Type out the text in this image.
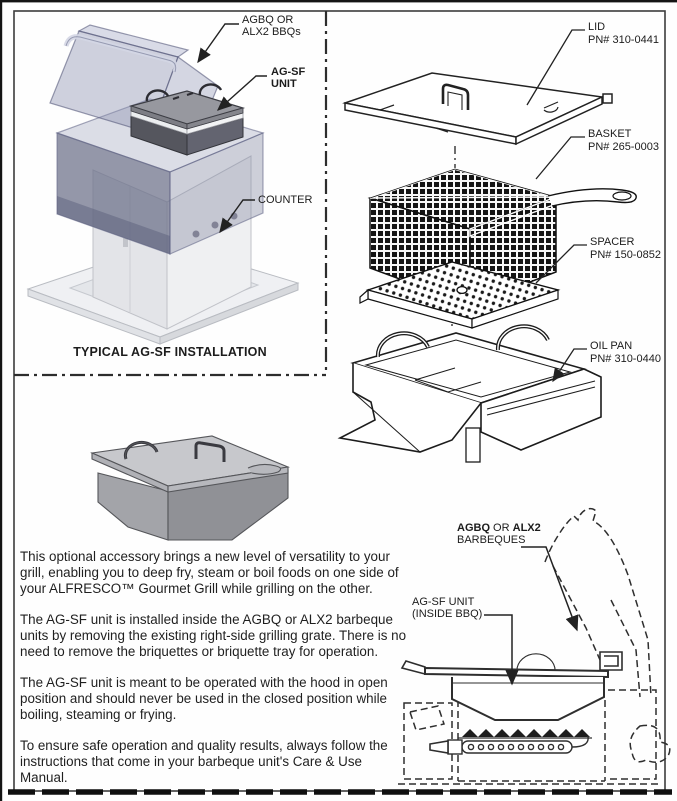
AGBQ OR
ALX2 BBQs
AG-SF
UNIT
COUNTER
TYPICAL AG-SF INSTALLATION
LID
PN# 310-0441
BASKET
PN# 265-0003
SPACER
PN# 150-0852
OIL PAN
PN# 310-0440

This optional accessory brings a new level of versatility to your grill, enabling you to deep fry, steam or boil foods on one side of your ALFRESCO™ Gourmet Grill while grilling on the other.

The AG-SF unit is installed inside the AGBQ or ALX2 barbeque units by removing the existing right-side grilling grate. There is no need to remove the briquettes or briquette tray for operation.

The AG-SF unit is meant to be operated with the hood in open position and should never be used in the closed position while boiling, steaming or frying.

To ensure safe operation and quality results, always follow the instructions that come in your barbeque unit's Care & Use Manual.

AGBQ OR ALX2
BARBEQUES
AG-SF UNIT
(INSIDE BBQ)
